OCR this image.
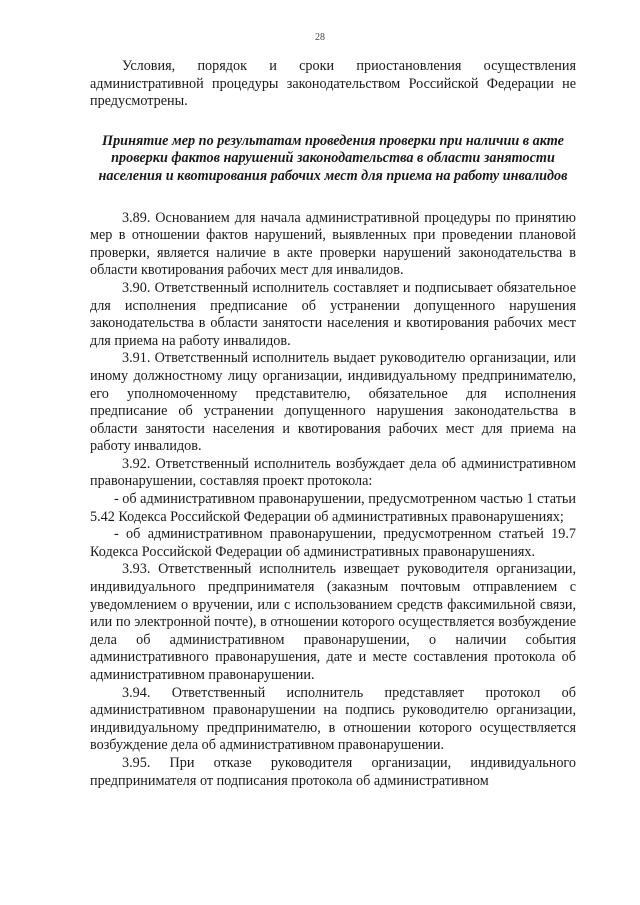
28

Условия, порядок и сроки приостановления осуществления административной процедуры законодательством Российской Федерации не предусмотрены.

Принятие мер по результатам проведения проверки при наличии в акте проверки фактов нарушений законодательства в области занятости населения и квотирования рабочих мест для приема на работу инвалидов

3.89. Основанием для начала административной процедуры по принятию мер в отношении фактов нарушений, выявленных при проведении плановой проверки, является наличие в акте проверки нарушений законодательства в области квотирования рабочих мест для инвалидов.

3.90. Ответственный исполнитель составляет и подписывает обязательное для исполнения предписание об устранении допущенного нарушения законодательства в области занятости населения и квотирования рабочих мест для приема на работу инвалидов.

3.91. Ответственный исполнитель выдает руководителю организации, или иному должностному лицу организации, индивидуальному предпринимателю, его уполномоченному представителю, обязательное для исполнения предписание об устранении допущенного нарушения законодательства в области занятости населения и квотирования рабочих мест для приема на работу инвалидов.

3.92. Ответственный исполнитель возбуждает дела об административном правонарушении, составляя проект протокола:

- об административном правонарушении, предусмотренном частью 1 статьи 5.42 Кодекса Российской Федерации об административных правонарушениях;

- об административном правонарушении, предусмотренном статьей 19.7 Кодекса Российской Федерации об административных правонарушениях.

3.93. Ответственный исполнитель извещает руководителя организации, индивидуального предпринимателя (заказным почтовым отправлением с уведомлением о вручении, или с использованием средств факсимильной связи, или по электронной почте), в отношении которого осуществляется возбуждение дела об административном правонарушении, о наличии события административного правонарушения, дате и месте составления протокола об административном правонарушении.

3.94. Ответственный исполнитель представляет протокол об административном правонарушении на подпись руководителю организации, индивидуальному предпринимателю, в отношении которого осуществляется возбуждение дела об административном правонарушении.

3.95. При отказе руководителя организации, индивидуального предпринимателя от подписания протокола об административном
